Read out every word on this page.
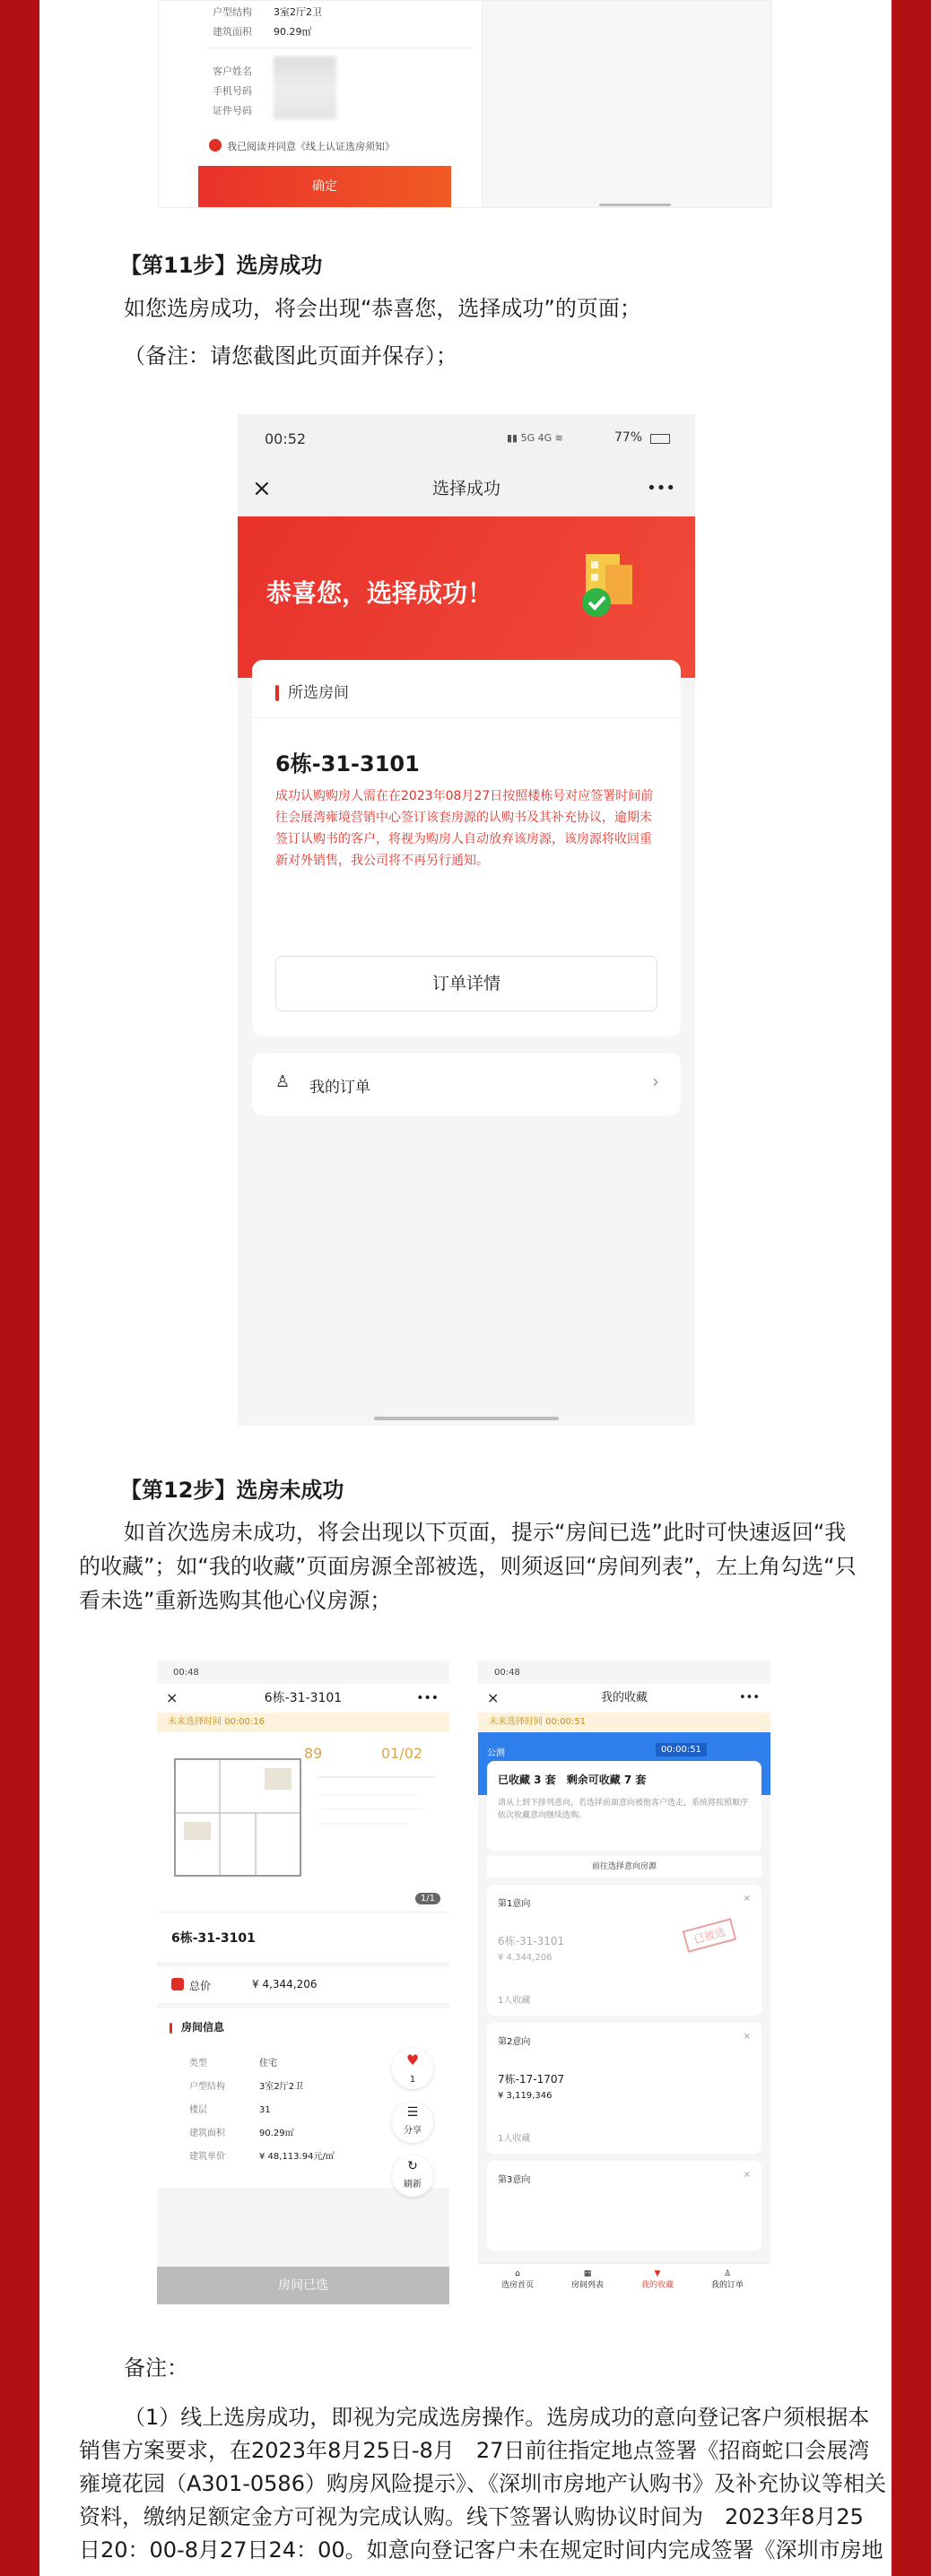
户型结构 3室2厅2卫
建筑面积 90.29㎡
客户姓名
手机号码
证件号码
我已阅读并同意《线上认证选房须知》
确定
【第11步】选房成功
如您选房成功，将会出现“恭喜您，选择成功”的页面；
（备注：请您截图此页面并保存）；
00:52	▮▮ 5G 4G ≋	77%
×	选择成功	•••
恭喜您，选择成功！
所选房间
6栋-31-3101
成功认购购房人需在在2023年08月27日按照楼栋号对应签署时间前往会展湾雍境营销中心签订该套房源的认购书及其补充协议，逾期未签订认购书的客户，将视为购房人自动放弃该房源，该房源将收回重新对外销售，我公司将不再另行通知。
订单详情
♙ 我的订单	›
【第12步】选房未成功
如首次选房未成功，将会出现以下页面，提示“房间已选”此时可快速返回“我
的收藏”；如“我的收藏”页面房源全部被选，则须返回“房间列表”，左上角勾选“只
看未选”重新选购其他心仪房源；
00:48
×	6栋-31-3101	•••
未来选择时间 00:00:16
89	01/02
1/1
6栋-31-3101
总价	¥ 4,344,206
房间信息
类型	住宅
户型结构	3室2厅2卫
楼层	31
建筑面积	90.29㎡
建筑单价	¥ 48,113.94元/㎡
♥
1
☰
分享
↻
刷新
房间已选
00:48
×	我的收藏	•••
未来选择时间 00:00:51
公测	00:00:51
已收藏 3 套　剩余可收藏 7 套
请从上到下排列意向，若选择前面意向被他客户选走，系统将按照顺序依次收藏意向继续选购。
前往选择意向房源
第1意向
×
6栋-31-3101
¥ 4,344,206
已被选
1人收藏
第2意向
×
7栋-17-1707
¥ 3,119,346
1人收藏
第3意向
×
⌂
选房首页
▦
房间列表
▼
我的收藏
♙
我的订单
备注：
（1）线上选房成功，即视为完成选房操作。选房成功的意向登记客户须根据本
销售方案要求，在2023年8月25日-8月　27日前往指定地点签署《招商蛇口会展湾
雍境花园（A301-0586）购房风险提示》、《深圳市房地产认购书》及补充协议等相关
资料，缴纳足额定金方可视为完成认购。线下签署认购协议时间为　2023年8月25
日20：00-8月27日24：00。如意向登记客户未在规定时间内完成签署《深圳市房地
